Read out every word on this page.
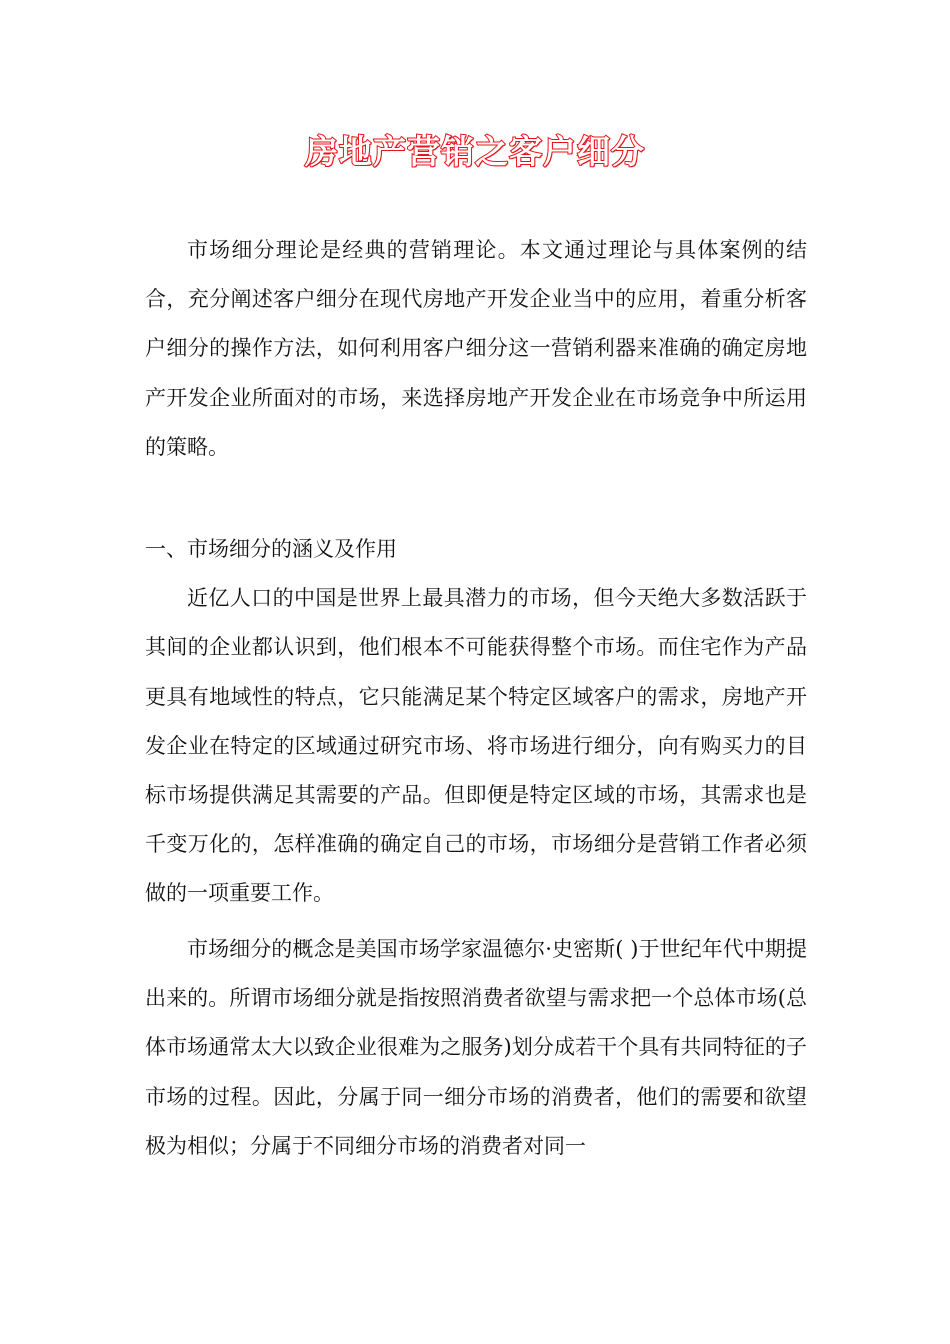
房地产营销之客户细分

市场细分理论是经典的营销理论。本文通过理论与具体案例的结合，充分阐述客户细分在现代房地产开发企业当中的应用，着重分析客户细分的操作方法，如何利用客户细分这一营销利器来准确的确定房地产开发企业所面对的市场，来选择房地产开发企业在市场竞争中所运用的策略。

一、市场细分的涵义及作用

近亿人口的中国是世界上最具潜力的市场，但今天绝大多数活跃于其间的企业都认识到，他们根本不可能获得整个市场。而住宅作为产品更具有地域性的特点，它只能满足某个特定区域客户的需求，房地产开发企业在特定的区域通过研究市场、将市场进行细分，向有购买力的目标市场提供满足其需要的产品。但即便是特定区域的市场，其需求也是千变万化的，怎样准确的确定自己的市场，市场细分是营销工作者必须做的一项重要工作。

市场细分的概念是美国市场学家温德尔·史密斯( )于世纪年代中期提出来的。所谓市场细分就是指按照消费者欲望与需求把一个总体市场(总体市场通常太大以致企业很难为之服务)划分成若干个具有共同特征的子市场的过程。因此，分属于同一细分市场的消费者，他们的需要和欲望极为相似；分属于不同细分市场的消费者对同一
